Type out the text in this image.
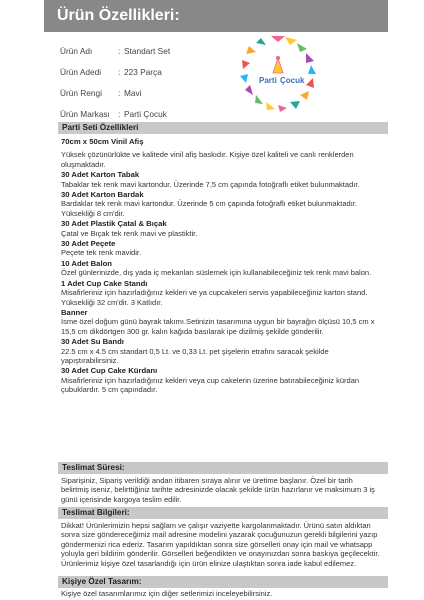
Ürün Özellikleri:
Ürün Adı	: Standart Set
Ürün Adedi	: 223 Parça
Ürün Rengi	: Mavi
Ürün Markası : Parti Çocuk
Parti Çocuk
Parti Seti Özellikleri
70cm x 50cm Vinil Afiş
Yüksek çözünürlükte ve kalitede vinil afiş baskıdır. Kişiye özel kaliteli ve canlı renklerden oluşmaktadır.
30 Adet Karton Tabak
Tabaklar tek renk mavi kartondur. Üzerinde 7,5 cm çapında fotoğraflı etiket bulunmaktadır.
30 Adet Karton Bardak
Bardaklar tek renk mavi kartondur. Üzerinde 5 cm çapında fotoğraflı etiket bulunmaktadır. Yüksekliği 8 cm'dir.
30 Adet Plastik Çatal & Bıçak
Çatal ve Bıçak tek renk mavi ve plastiktir.
30 Adet Peçete
Peçete tek renk mavidir.
10 Adet Balon
Özel günlerinizde, dış yada iç mekanları süslemek için kullanabileceğiniz tek renk mavi balon.
1 Adet Cup Cake Standı
Misafirleriniz için hazırladığınız kekleri ve ya cupcakeleri servis yapabileceğiniz karton stand. Yüksekliği 32 cm'dir. 3 Katlıdır.
Banner
İsme özel doğum günü bayrak takımı.Setinizin tasarımına uygun bir bayrağın ölçüsü 10,5 cm x 15,5 cm dikdörtgen 300 gr. kalın kağıda basılarak ipe dizilmiş şekilde gönderilir.
30 Adet Su Bandı
22.5 cm x 4.5 cm standart 0,5 Lt. ve 0,33 Lt. pet şişelerin etrafını saracak şekilde yapıştırabilirsiniz.
30 Adet Cup Cake Kürdanı
Misafirleriniz için hazırladığınız kekleri veya cup cakelerin üzerine batırabileceğiniz kürdan çubuklardır. 5 cm çapındadır.
Teslimat Süresi:
Siparişiniz, Sipariş verildiği andan itibaren sıraya alınır ve üretime başlanır. Özel bir tarih belirtmiş iseniz, belirttiğiniz tarihte adresinizde olacak şekilde ürün hazırlanır ve maksimum 3 iş günü içerisinde kargoya teslim edilir.
Teslimat Bilgileri:
Dikkat! Ürünlerimizin hepsi sağlam ve çalışır vaziyette kargolanmaktadır. Ürünü satın aldıktan sonra size göndereceğimiz mail adresine modelini yazarak çocuğunuzun gerekli bilgilerini yazıp göndermenizi rica ederiz. Tasarım yapıldıktan sonra size görselleri onay için mail ve whatsapp yoluyla geri bildirim gönderilir. Görselleri beğendikten ve onayınızdan sonra baskıya geçilecektir. Ürünlerimiz kişiye özel tasarlandığı için ürün elinize ulaştıktan sonra iade kabul edilemez.
Kişiye Özel Tasarım:
Kişiye özel tasarımlarımız için diğer setlerimizi inceleyebilirsiniz.
